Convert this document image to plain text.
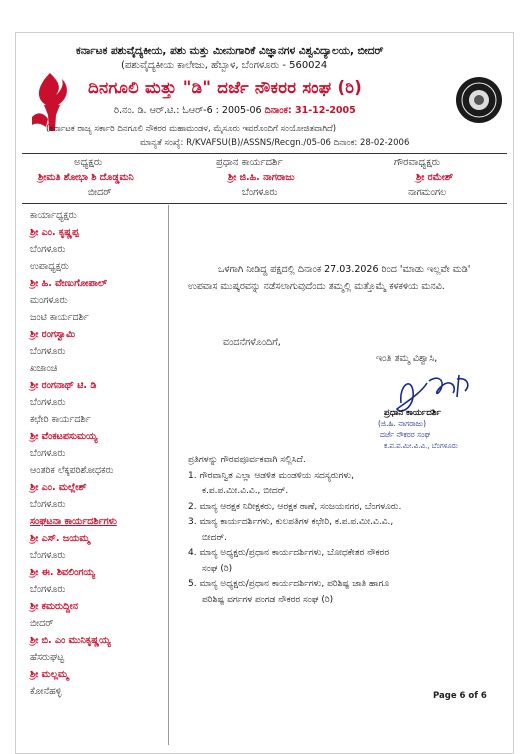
ಕರ್ನಾಟಕ ಪಶುವೈದ್ಯಕೀಯ, ಪಶು ಮತ್ತು ಮೀನುಗಾರಿಕೆ ವಿಜ್ಞಾನಗಳ ವಿಶ್ವವಿದ್ಯಾಲಯ, ಬೀದರ್
(ಪಶುವೈದ್ಯಕೀಯ ಕಾಲೇಜು, ಹೆಬ್ಬಾಳ, ಬೆಂಗಳೂರು - 560024
ದಿನಗೂಲಿ ಮತ್ತು "ಡಿ" ದರ್ಜೆ ನೌಕರರ ಸಂಘ (ರಿ)
ರಿ.ನಂ. ಡಿ. ಆರ್.ಟಿ.: ಓಆರ್-6 : 2005-06 ದಿನಾಂಕ: 31-12-2005
(ಕರ್ನಾಟಕ ರಾಜ್ಯ ಸರ್ಕಾರಿ ದಿನಗೂಲಿ ನೌಕರರ ಮಹಾಮಂಡಳ, ಮೈಸೂರು ಇವರೊಂದಿಗೆ ಸಂಯೋಜಿತವಾಗಿದೆ)
ಮಾನ್ಯತೆ ಸಂಖ್ಯೆ: R/KVAFSU(B)/ASSNS/Recgn./05-06 ದಿನಾಂಕ: 28-02-2006
ಅಧ್ಯಕ್ಷರು
ಶ್ರೀಮತಿ ಶೋಭಾ ಶಿ ದೊಡ್ಡಮನಿ
ಬೀದರ್
ಪ್ರಧಾನ ಕಾರ್ಯದರ್ಶಿ
ಶ್ರೀ ಜಿ.ಹಿ. ನಾಗರಾಜು
ಬೆಂಗಳೂರು
ಗೌರವಾಧ್ಯಕ್ಷರು
ಶ್ರೀ ರಮೇಶ್
ನಾಗಮಂಗಲ
ಕಾರ್ಯಾಧ್ಯಕ್ಷರು
ಶ್ರೀ ಎಂ. ಕೃಷ್ಣಪ್ಪ
ಬೆಂಗಳೂರು
ಉಪಾಧ್ಯಕ್ಷರು
ಶ್ರೀ ಹಿ. ವೇಣುಗೋಪಾಲ್
ಮಂಗಳೂರು
ಜಂಟಿ ಕಾರ್ಯದರ್ಶಿ
ಶ್ರೀ ರಂಗಸ್ವಾಮಿ
ಬೆಂಗಳೂರು
ಖಜಾಂಚಿ
ಶ್ರೀ ರಂಗನಾಥ್ ಟಿ. ಡಿ
ಬೆಂಗಳೂರು
ಕಛೇರಿ ಕಾರ್ಯದರ್ಶಿ
ಶ್ರೀ ವೆಂಕಟಪಸುಮಯ್ಯ
ಬೆಂಗಳೂರು
ಆಂತರಿಕ ಲೆಕ್ಕಪರಿಶೋಧಕರು
ಶ್ರೀ ಎಂ. ಮಲ್ಲೇಶ್
ಬೆಂಗಳೂರು
ಸಂಘಟನಾ ಕಾರ್ಯದರ್ಶಿಗಳು
ಶ್ರೀ ಎಸ್. ಜಯಮ್ಮ
ಬೆಂಗಳೂರು
ಶ್ರೀ ಈ. ಶಿವಲಿಂಗಯ್ಯ
ಬೆಂಗಳೂರು
ಶ್ರೀ ಕಮರುದ್ದೀನ
ಬೀದರ್
ಶ್ರೀ ಬಿ. ಎಂ ಮುನಿಕೃಷ್ಣಯ್ಯ
ಹೆಸರುಘಟ್ಟ
ಶ್ರೀ ಮಲ್ಲಮ್ಮ
ಕೋನೆಹಳ್ಳಿ
ಒಳಗಾಗಿ ನೀಡಿದ್ದ ಪಕ್ಷದಲ್ಲಿ ದಿನಾಂಕ 27.03.2026 ರಿಂದ 'ಮಾಡು ಇಲ್ಲವೇ ಮಡಿ' ಉಪವಾಸ ಮುಷ್ಕರವನ್ನು ನಡೆಸಲಾಗುವುದೆಂದು ತಮ್ಮಲ್ಲಿ ಮತ್ತೊಮ್ಮೆ ಕಳಕಳಿಯ ಮನವಿ.
ವಂದನೆಗಳೊಂದಿಗೆ,
ಇಂತಿ ತಮ್ಮ ವಿಶ್ವಾಸಿ,
ಪ್ರಧಾನ ಕಾರ್ಯದರ್ಶಿ
(ಜಿ.ಹಿ. ನಾಗರಾಜು)
ದರ್ಜೆ ನೌಕರರ ಸಂಘ
ಕ.ಪ.ಪ.ಮೀ.ವಿ.ವಿ., ಬೆಂಗಳೂರು
ಪ್ರತಿಗಳನ್ನು ಗೌರವಪೂರ್ವಕವಾಗಿ ಸಲ್ಲಿಸಿದೆ.
1. ಗೌರವಾನ್ವಿತ ಎಲ್ಲಾ ಆಡಳಿತ ಮಂಡಳಿಯ ಸದಸ್ಯರುಗಳು,
ಕ.ಪ.ಪ.ಮೀ.ವಿ.ವಿ., ಬೀದರ್.
2. ಮಾನ್ಯ ಆರಕ್ಷಕ ನಿರೀಕ್ಷಕರು, ಆರಕ್ಷಕ ಠಾಣೆ, ಸಂಜಯನಗರ, ಬೆಂಗಳೂರು.
3. ಮಾನ್ಯ ಕಾರ್ಯದರ್ಶಿಗಳು, ಕುಲಪತಿಗಳ ಕಛೇರಿ, ಕ.ಪ.ಪ.ಮೀ.ವಿ.ವಿ.,
ಬೀದರ್.
4. ಮಾನ್ಯ ಅಧ್ಯಕ್ಷರು/ಪ್ರಧಾನ ಕಾರ್ಯದರ್ಶಿಗಳು, ಬೋಧಕೇತರ ನೌಕರರ
ಸಂಘ (ರಿ)
5. ಮಾನ್ಯ ಅಧ್ಯಕ್ಷರು/ಪ್ರಧಾನ ಕಾರ್ಯದರ್ಶಿಗಳು, ಪರಿಶಿಷ್ಟ ಜಾತಿ ಹಾಗೂ
ಪರಿಶಿಷ್ಟ ವರ್ಗಗಳ ಪಂಗಡ ನೌಕರರ ಸಂಘ (ರಿ)
Page 6 of 6
